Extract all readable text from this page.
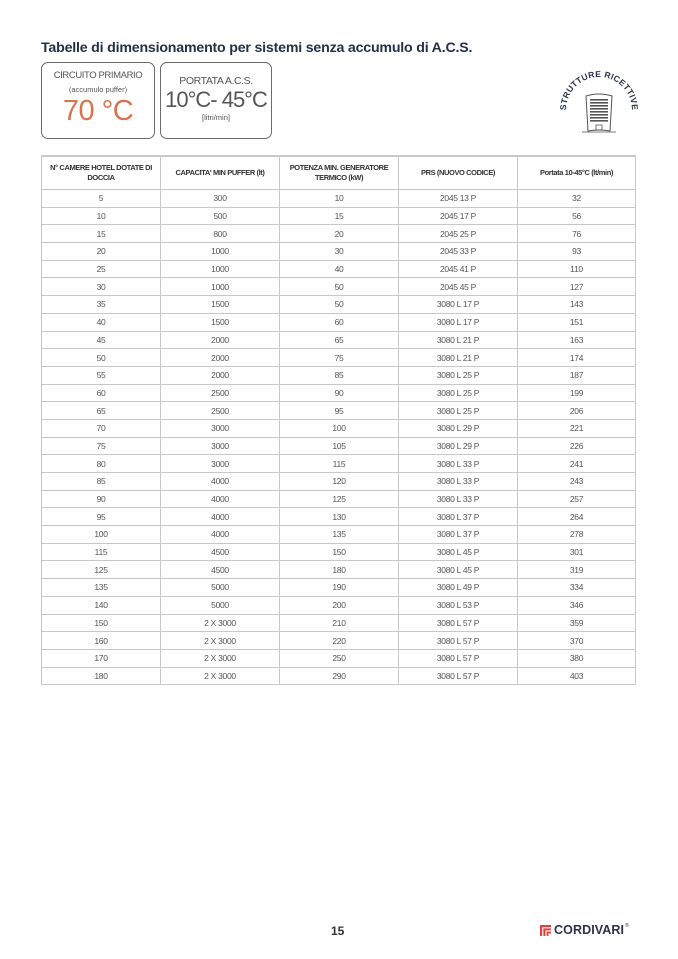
Tabelle di dimensionamento per sistemi senza accumulo di A.C.S.
CIRCUITO PRIMARIO
(accumulo puffer)
70 °C
PORTATA A.C.S.
10°C- 45°C
[litri/min]
STRUTTURE RICETTIVE
N° CAMERE HOTEL DOTATE DI DOCCIA	CAPACITA' MIN PUFFER (lt)	POTENZA MIN. GENERATORE TERMICO (kW)	PRS (NUOVO CODICE)	Portata 10-45°C (lt/min)
5	300	10	2045 13 P	32
10	500	15	2045 17 P	56
15	800	20	2045 25 P	76
20	1000	30	2045 33 P	93
25	1000	40	2045 41 P	110
30	1000	50	2045 45 P	127
35	1500	50	3080 L 17 P	143
40	1500	60	3080 L 17 P	151
45	2000	65	3080 L 21 P	163
50	2000	75	3080 L 21 P	174
55	2000	85	3080 L 25 P	187
60	2500	90	3080 L 25 P	199
65	2500	95	3080 L 25 P	206
70	3000	100	3080 L 29 P	221
75	3000	105	3080 L 29 P	226
80	3000	115	3080 L 33 P	241
85	4000	120	3080 L 33 P	243
90	4000	125	3080 L 33 P	257
95	4000	130	3080 L 37 P	264
100	4000	135	3080 L 37 P	278
115	4500	150	3080 L 45 P	301
125	4500	180	3080 L 45 P	319
135	5000	190	3080 L 49 P	334
140	5000	200	3080 L 53 P	346
150	2 X 3000	210	3080 L 57 P	359
160	2 X 3000	220	3080 L 57 P	370
170	2 X 3000	250	3080 L 57 P	380
180	2 X 3000	290	3080 L 57 P	403
15	CORDIVARI ®
